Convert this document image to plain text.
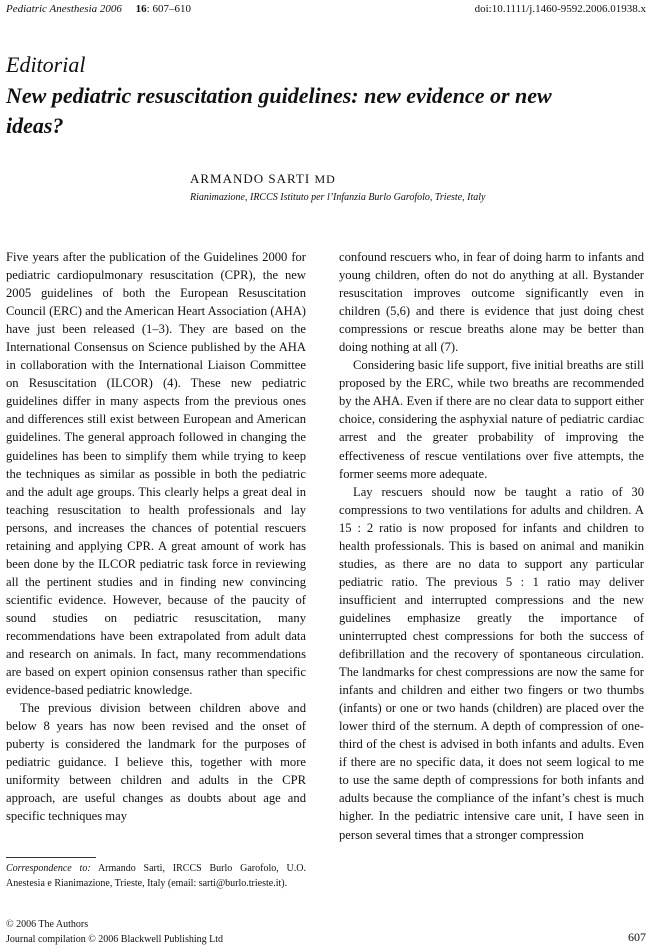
Pediatric Anesthesia 2006 16: 607–610	doi:10.1111/j.1460-9592.2006.01938.x
Editorial
New pediatric resuscitation guidelines: new evidence or new ideas?
ARMANDO SARTI MD
Rianimazione, IRCCS Istituto per l’Infanzia Burlo Garofolo, Trieste, Italy

Five years after the publication of the Guidelines 2000 for pediatric cardiopulmonary resuscitation (CPR), the new 2005 guidelines of both the European Resuscitation Council (ERC) and the American Heart Association (AHA) have just been released (1–3). They are based on the International Consensus on Science published by the AHA in collaboration with the International Liaison Committee on Resuscitation (ILCOR) (4). These new pediatric guidelines differ in many aspects from the previous ones and differences still exist between European and American guidelines. The general approach followed in changing the guidelines has been to simplify them while trying to keep the techniques as similar as possible in both the pediatric and the adult age groups. This clearly helps a great deal in teaching resuscitation to health professionals and lay persons, and increases the chances of potential rescuers retaining and applying CPR. A great amount of work has been done by the ILCOR pediatric task force in reviewing all the pertinent studies and in finding new convincing scientific evidence. However, because of the paucity of sound studies on pediatric resuscitation, many recommendations have been extrapolated from adult data and research on animals. In fact, many recommendations are based on expert opinion consensus rather than specific evidence-based pediatric knowledge.

The previous division between children above and below 8 years has now been revised and the onset of puberty is considered the landmark for the purposes of pediatric guidance. I believe this, together with more uniformity between children and adults in the CPR approach, are useful changes as doubts about age and specific techniques may

confound rescuers who, in fear of doing harm to infants and young children, often do not do anything at all. Bystander resuscitation improves outcome significantly even in children (5,6) and there is evidence that just doing chest compressions or rescue breaths alone may be better than doing nothing at all (7).

Considering basic life support, five initial breaths are still proposed by the ERC, while two breaths are recommended by the AHA. Even if there are no clear data to support either choice, considering the asphyxial nature of pediatric cardiac arrest and the greater probability of improving the effectiveness of rescue ventilations over five attempts, the former seems more adequate.

Lay rescuers should now be taught a ratio of 30 compressions to two ventilations for adults and children. A 15 : 2 ratio is now proposed for infants and children to health professionals. This is based on animal and manikin studies, as there are no data to support any particular pediatric ratio. The previous 5 : 1 ratio may deliver insufficient and interrupted compressions and the new guidelines emphasize greatly the importance of uninterrupted chest compressions for both the success of defibrillation and the recovery of spontaneous circulation. The landmarks for chest compressions are now the same for infants and children and either two fingers or two thumbs (infants) or one or two hands (children) are placed over the lower third of the sternum. A depth of compression of one-third of the chest is advised in both infants and adults. Even if there are no specific data, it does not seem logical to me to use the same depth of compressions for both infants and adults because the compliance of the infant’s chest is much higher. In the pediatric intensive care unit, I have seen in person several times that a stronger compression

Correspondence to: Armando Sarti, IRCCS Burlo Garofolo, U.O. Anestesia e Rianimazione, Trieste, Italy (email: sarti@burlo.trieste.it).
© 2006 The Authors
Journal compilation © 2006 Blackwell Publishing Ltd	607
